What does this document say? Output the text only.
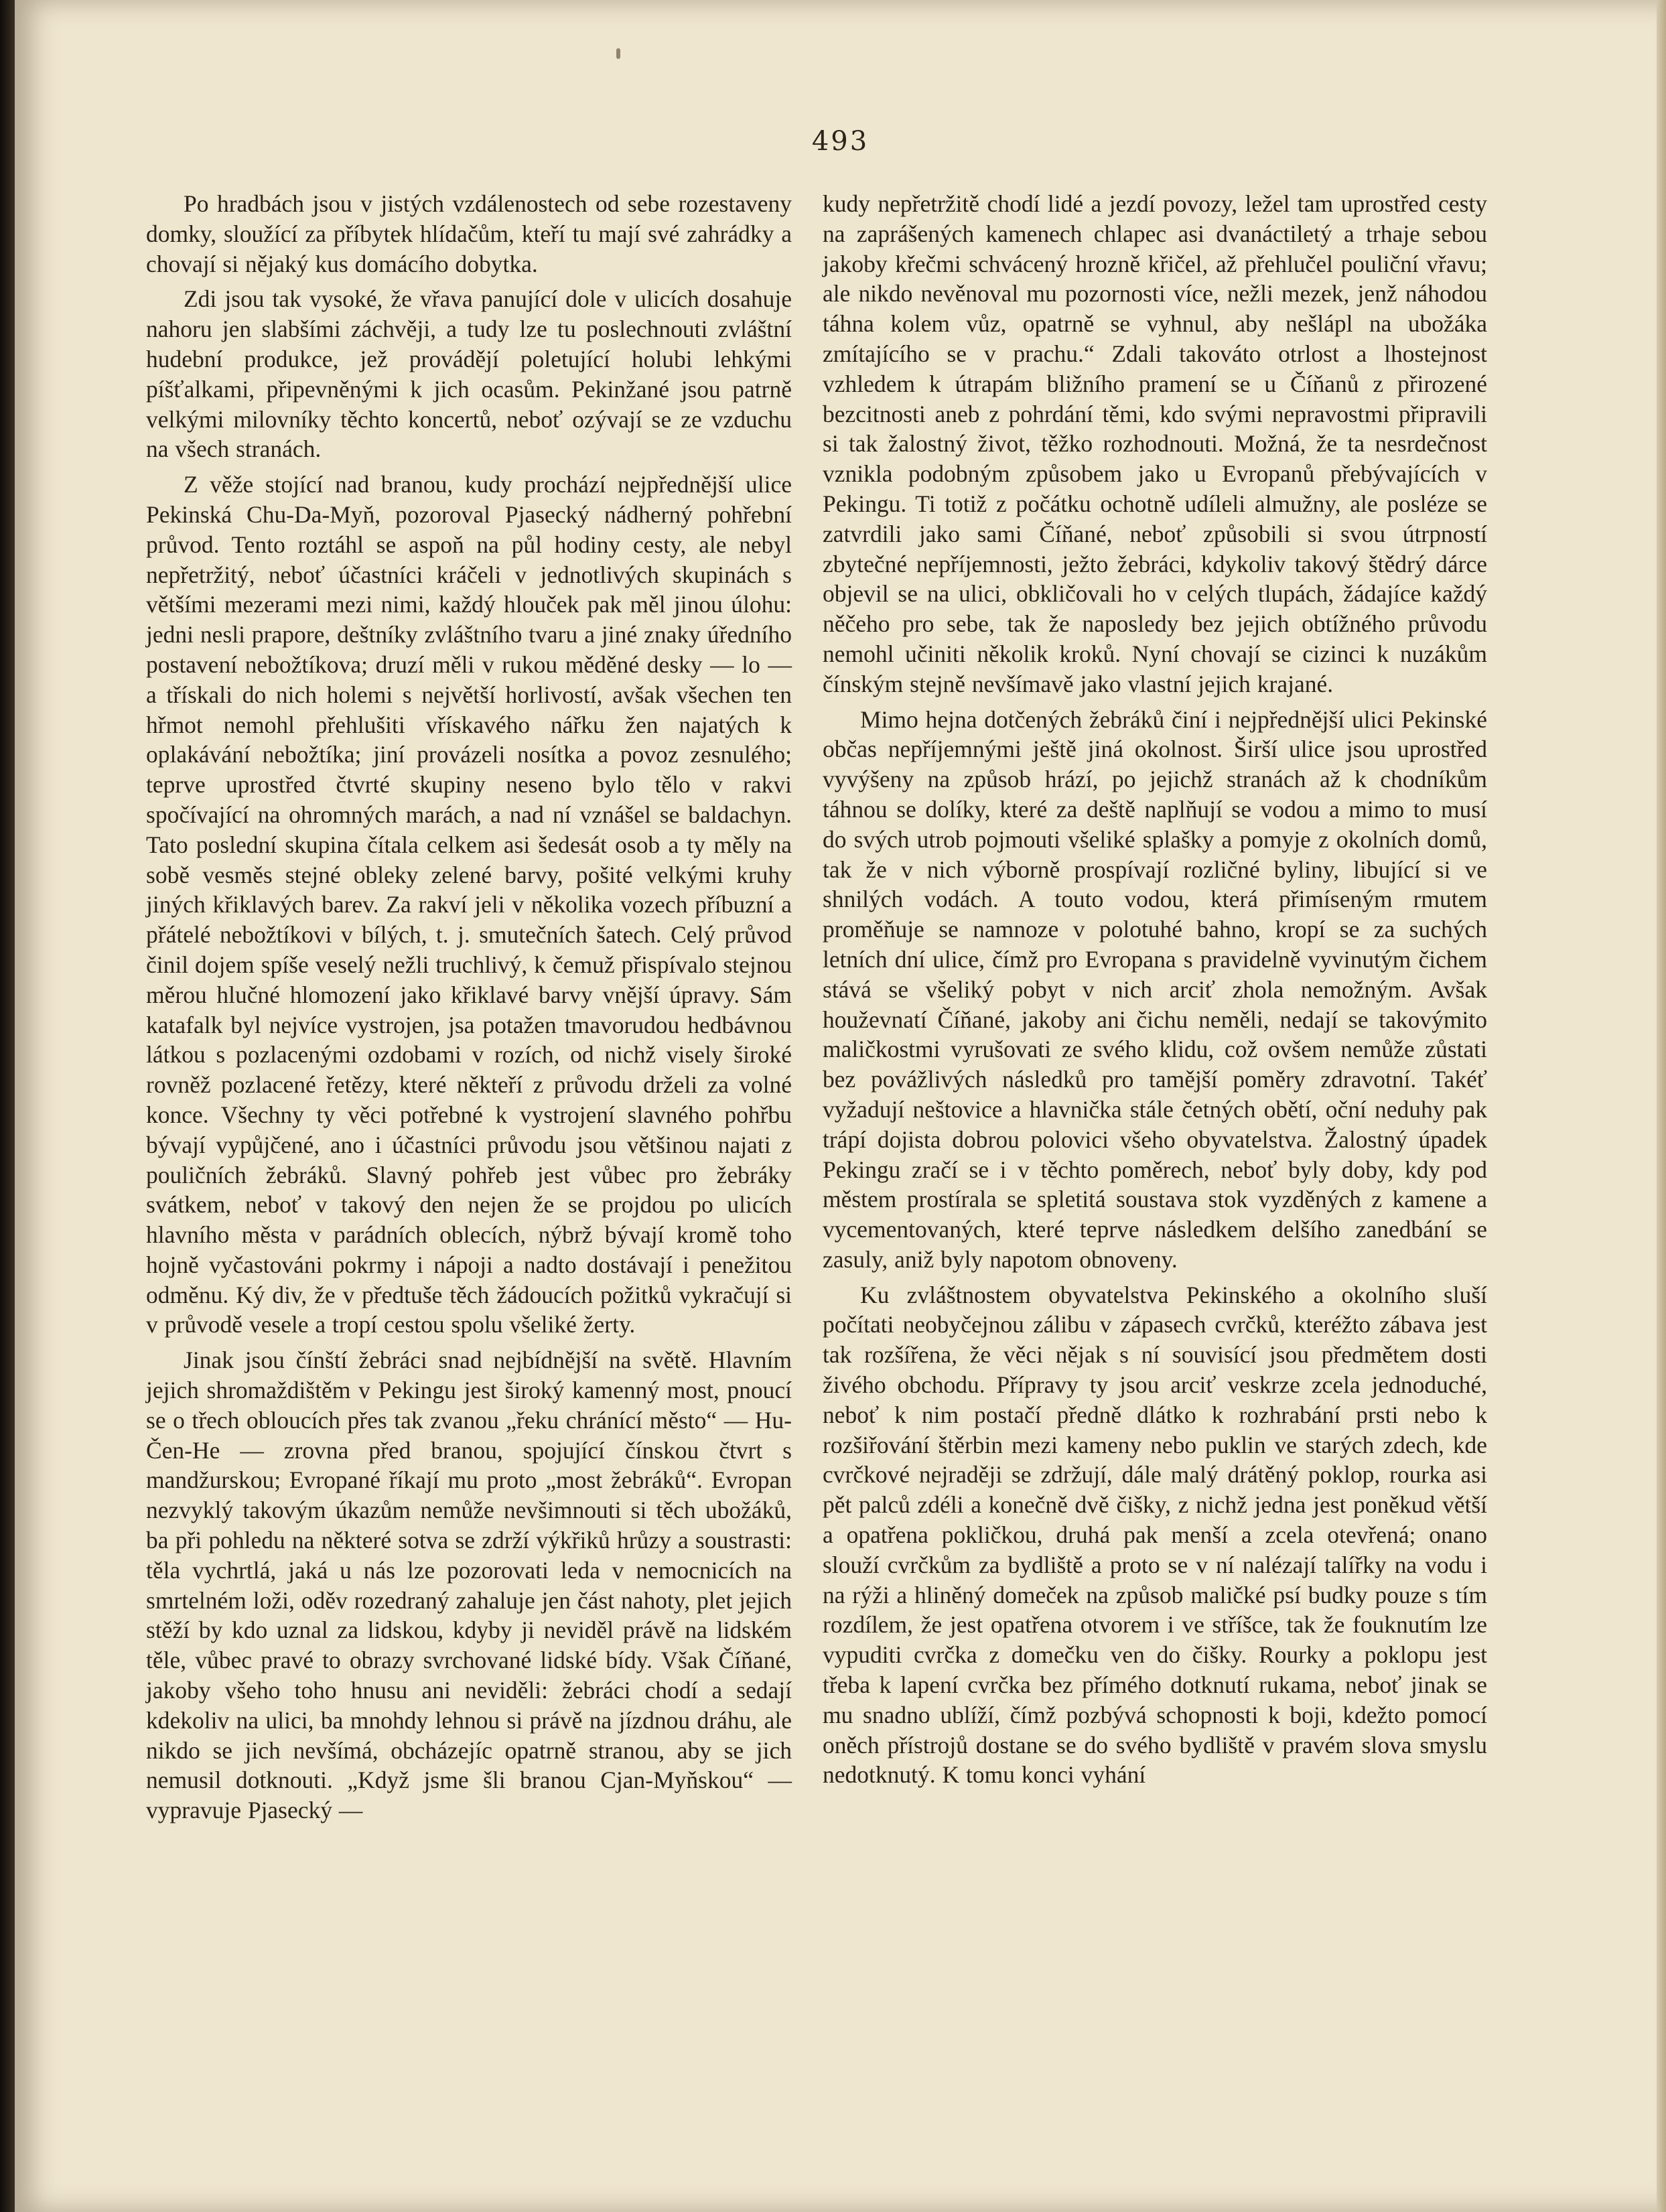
493

Po hradbách jsou v jistých vzdálenostech od sebe rozestaveny domky, sloužící za příbytek hlídačům, kteří tu mají své zahrádky a chovají si nějaký kus domácího dobytka.

Zdi jsou tak vysoké, že vřava panující dole v ulicích dosahuje nahoru jen slabšími záchvěji, a tudy lze tu poslechnouti zvláštní hudební produkce, jež provádějí poletující holubi lehkými píšťalkami, připevněnými k jich ocasům. Pekinžané jsou patrně velkými milovníky těchto koncertů, neboť ozývají se ze vzduchu na všech stranách.

Z věže stojící nad branou, kudy prochází nejpřednější ulice Pekinská Chu-Da-Myň, pozoroval Pjasecký nádherný pohřební průvod. Tento roztáhl se aspoň na půl hodiny cesty, ale nebyl nepřetržitý, neboť účastníci kráčeli v jednotlivých skupinách s většími mezerami mezi nimi, každý hlouček pak měl jinou úlohu: jedni nesli prapore, deštníky zvláštního tvaru a jiné znaky úředního postavení nebožtíkova; druzí měli v rukou měděné desky — lo — a třískali do nich holemi s největší horlivostí, avšak všechen ten hřmot nemohl přehlušiti vřískavého nářku žen najatých k oplakávání nebožtíka; jiní provázeli nosítka a povoz zesnulého; teprve uprostřed čtvrté skupiny neseno bylo tělo v rakvi spočívající na ohromných marách, a nad ní vznášel se baldachyn. Tato poslední skupina čítala celkem asi šedesát osob a ty měly na sobě vesměs stejné obleky zelené barvy, pošité velkými kruhy jiných křiklavých barev. Za rakví jeli v několika vozech příbuzní a přátelé nebožtíkovi v bílých, t. j. smutečních šatech. Celý průvod činil dojem spíše veselý nežli truchlivý, k čemuž přispívalo stejnou měrou hlučné hlomození jako křiklavé barvy vnější úpravy. Sám katafalk byl nejvíce vystrojen, jsa potažen tmavorudou hedbávnou látkou s pozlacenými ozdobami v rozích, od nichž visely široké rovněž pozlacené řetězy, které někteří z průvodu drželi za volné konce. Všechny ty věci potřebné k vystrojení slavného pohřbu bývají vypůjčené, ano i účastníci průvodu jsou většinou najati z pouličních žebráků. Slavný pohřeb jest vůbec pro žebráky svátkem, neboť v takový den nejen že se projdou po ulicích hlavního města v parádních oblecích, nýbrž bývají kromě toho hojně vyčastováni pokrmy i nápoji a nadto dostávají i penežitou odměnu. Ký div, že v předtuše těch žádoucích požitků vykračují si v průvodě vesele a tropí cestou spolu všeliké žerty.

Jinak jsou čínští žebráci snad nejbídnější na světě. Hlavním jejich shromaždištěm v Pekingu jest široký kamenný most, pnoucí se o třech obloucích přes tak zvanou „řeku chránící město“ — Hu-Čen-He — zrovna před branou, spojující čínskou čtvrt s mandžurskou; Evropané říkají mu proto „most žebráků“. Evropan nezvyklý takovým úkazům nemůže nevšimnouti si těch ubožáků, ba při pohledu na některé sotva se zdrží výkřiků hrůzy a soustrasti: těla vychrtlá, jaká u nás lze pozorovati leda v nemocnicích na smrtelném loži, oděv rozedraný zahaluje jen část nahoty, plet jejich stěží by kdo uznal za lidskou, kdyby ji neviděl právě na lidském těle, vůbec pravé to obrazy svrchované lidské bídy. Však Číňané, jakoby všeho toho hnusu ani neviděli: žebráci chodí a sedají kdekoliv na ulici, ba mnohdy lehnou si právě na jízdnou dráhu, ale nikdo se jich nevšímá, obcházejíc opatrně stranou, aby se jich nemusil dotknouti. „Když jsme šli branou Cjan-Myňskou“ — vypravuje Pjasecký —

kudy nepřetržitě chodí lidé a jezdí povozy, ležel tam uprostřed cesty na zaprášených kamenech chlapec asi dvanáctiletý a trhaje sebou jakoby křečmi schvácený hrozně křičel, až přehlučel pouliční vřavu; ale nikdo nevěnoval mu pozornosti více, nežli mezek, jenž náhodou táhna kolem vůz, opatrně se vyhnul, aby nešlápl na ubožáka zmítajícího se v prachu.“ Zdali takováto otrlost a lhostejnost vzhledem k útrapám bližního pramení se u Číňanů z přirozené bezcitnosti aneb z pohrdání těmi, kdo svými nepravostmi připravili si tak žalostný život, těžko rozhodnouti. Možná, že ta nesrdečnost vznikla podobným způsobem jako u Evropanů přebývajících v Pekingu. Ti totiž z počátku ochotně udíleli almužny, ale posléze se zatvrdili jako sami Číňané, neboť způsobili si svou útrpností zbytečné nepříjemnosti, ježto žebráci, kdykoliv takový štědrý dárce objevil se na ulici, obkličovali ho v celých tlupách, žádajíce každý něčeho pro sebe, tak že naposledy bez jejich obtížného průvodu nemohl učiniti několik kroků. Nyní chovají se cizinci k nuzákům čínským stejně nevšímavě jako vlastní jejich krajané.

Mimo hejna dotčených žebráků činí i nejpřednější ulici Pekinské občas nepříjemnými ještě jiná okolnost. Širší ulice jsou uprostřed vyvýšeny na způsob hrází, po jejichž stranách až k chodníkům táhnou se dolíky, které za deště naplňují se vodou a mimo to musí do svých utrob pojmouti všeliké splašky a pomyje z okolních domů, tak že v nich výborně prospívají rozličné byliny, libující si ve shnilých vodách. A touto vodou, která přimíseným rmutem proměňuje se namnoze v polotuhé bahno, kropí se za suchých letních dní ulice, čímž pro Evropana s pravidelně vyvinutým čichem stává se všeliký pobyt v nich arciť zhola nemožným. Avšak houževnatí Číňané, jakoby ani čichu neměli, nedají se takovýmito maličkostmi vyrušovati ze svého klidu, což ovšem nemůže zůstati bez povážlivých následků pro tamější poměry zdravotní. Takéť vyžadují neštovice a hlavnička stále četných obětí, oční neduhy pak trápí dojista dobrou polovici všeho obyvatelstva. Žalostný úpadek Pekingu zračí se i v těchto poměrech, neboť byly doby, kdy pod městem prostírala se spletitá soustava stok vyzděných z kamene a vycementovaných, které teprve následkem delšího zanedbání se zasuly, aniž byly napotom obnoveny.

Ku zvláštnostem obyvatelstva Pekinského a okolního sluší počítati neobyčejnou zálibu v zápasech cvrčků, kteréžto zábava jest tak rozšířena, že věci nějak s ní souvisící jsou předmětem dosti živého obchodu. Přípravy ty jsou arciť veskrze zcela jednoduché, neboť k nim postačí předně dlátko k rozhrabání prsti nebo k rozšiřování štěrbin mezi kameny nebo puklin ve starých zdech, kde cvrčkové nejraději se zdržují, dále malý drátěný poklop, rourka asi pět palců zdéli a konečně dvě čišky, z nichž jedna jest poněkud větší a opatřena pokličkou, druhá pak menší a zcela otevřená; onano slouží cvrčkům za bydliště a proto se v ní nalézají talířky na vodu i na rýži a hliněný domeček na způsob maličké psí budky pouze s tím rozdílem, že jest opatřena otvorem i ve stříšce, tak že fouknutím lze vypuditi cvrčka z domečku ven do čišky. Rourky a poklopu jest třeba k lapení cvrčka bez přímého dotknutí rukama, neboť jinak se mu snadno ublíží, čímž pozbývá schopnosti k boji, kdežto pomocí oněch přístrojů dostane se do svého bydliště v pravém slova smyslu nedotknutý. K tomu konci vyhání
